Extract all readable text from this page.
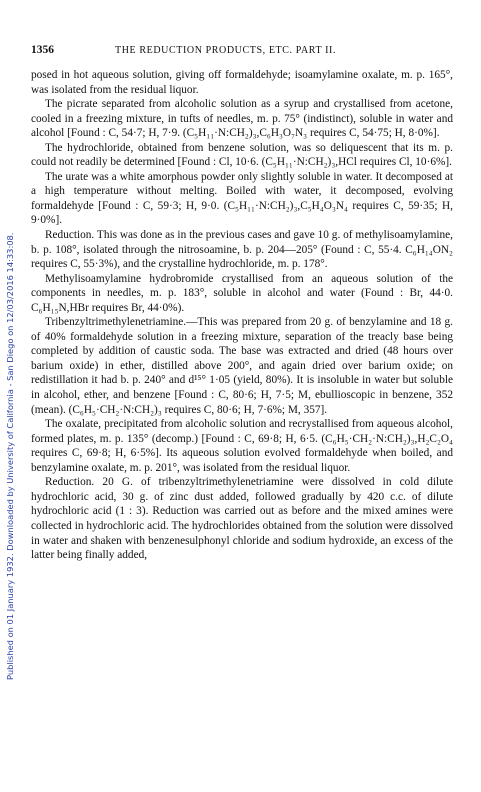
Published on 01 January 1932. Downloaded by University of California - San Diego on 12/03/2016 14:33:08.
1356	THE REDUCTION PRODUCTS, ETC. PART II.

posed in hot aqueous solution, giving off formaldehyde; isoamylamine oxalate, m. p. 165°, was isolated from the residual liquor.

The picrate separated from alcoholic solution as a syrup and crystallised from acetone, cooled in a freezing mixture, in tufts of needles, m. p. 75° (indistinct), soluble in water and alcohol [Found : C, 54·7; H, 7·9. (C₅H₁₁·N:CH₂)₃,C₆H₃O₇N₃ requires C, 54·75; H, 8·0%].

The hydrochloride, obtained from benzene solution, was so deliquescent that its m. p. could not readily be determined [Found : Cl, 10·6. (C₅H₁₁·N:CH₂)₃,HCl requires Cl, 10·6%].

The urate was a white amorphous powder only slightly soluble in water. It decomposed at a high temperature without melting. Boiled with water, it decomposed, evolving formaldehyde [Found : C, 59·3; H, 9·0. (C₅H₁₁·N:CH₂)₃,C₅H₄O₃N₄ requires C, 59·35; H, 9·0%].

Reduction. This was done as in the previous cases and gave 10 g. of methylisoamylamine, b. p. 108°, isolated through the nitrosoamine, b. p. 204—205° (Found : C, 55·4. C₆H₁₄ON₂ requires C, 55·3%), and the crystalline hydrochloride, m. p. 178°.

Methylisoamylamine hydrobromide crystallised from an aqueous solution of the components in needles, m. p. 183°, soluble in alcohol and water (Found : Br, 44·0. C₆H₁₅N,HBr requires Br, 44·0%).

Tribenzyltrimethylenetriamine.—This was prepared from 20 g. of benzylamine and 18 g. of 40% formaldehyde solution in a freezing mixture, separation of the treacly base being completed by addition of caustic soda. The base was extracted and dried (48 hours over barium oxide) in ether, distilled above 200°, and again dried over barium oxide; on redistillation it had b. p. 240° and d¹⁵° 1·05 (yield, 80%). It is insoluble in water but soluble in alcohol, ether, and benzene [Found : C, 80·6; H, 7·5; M, ebullioscopic in benzene, 352 (mean). (C₆H₅·CH₂·N:CH₂)₃ requires C, 80·6; H, 7·6%; M, 357].

The oxalate, precipitated from alcoholic solution and recrystallised from aqueous alcohol, formed plates, m. p. 135° (decomp.) [Found : C, 69·8; H, 6·5. (C₆H₅·CH₂·N:CH₂)₃,H₂C₂O₄ requires C, 69·8; H, 6·5%]. Its aqueous solution evolved formaldehyde when boiled, and benzylamine oxalate, m. p. 201°, was isolated from the residual liquor.

Reduction. 20 G. of tribenzyltrimethylenetriamine were dissolved in cold dilute hydrochloric acid, 30 g. of zinc dust added, followed gradually by 420 c.c. of dilute hydrochloric acid (1 : 3). Reduction was carried out as before and the mixed amines were collected in hydrochloric acid. The hydrochlorides obtained from the solution were dissolved in water and shaken with benzenesulphonyl chloride and sodium hydroxide, an excess of the latter being finally added,
